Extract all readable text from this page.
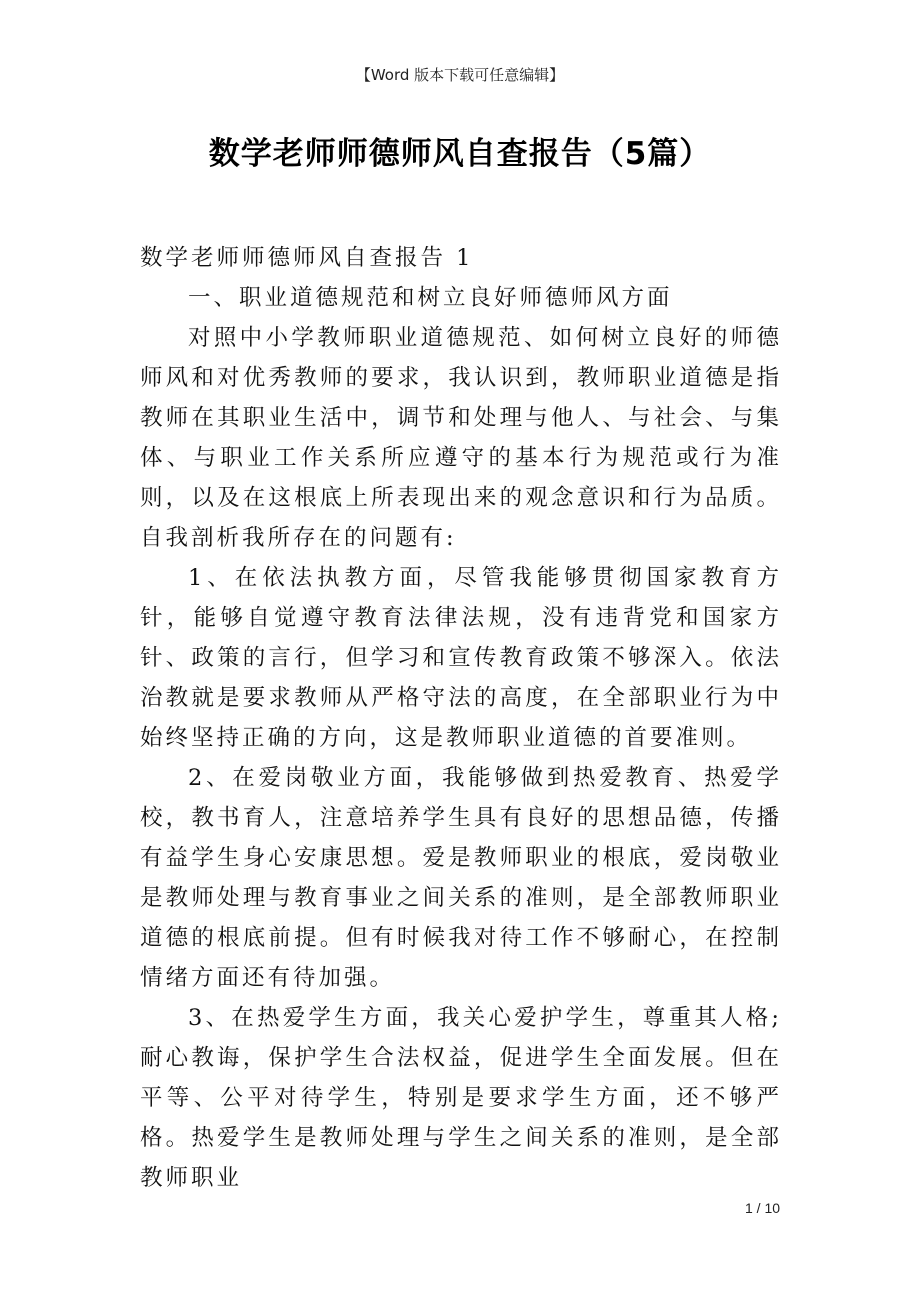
【Word 版本下载可任意编辑】
数学老师师德师风自查报告（5篇）

数学老师师德师风自查报告 1

一、职业道德规范和树立良好师德师风方面

对照中小学教师职业道德规范、如何树立良好的师德师风和对优秀教师的要求，我认识到，教师职业道德是指教师在其职业生活中，调节和处理与他人、与社会、与集体、与职业工作关系所应遵守的基本行为规范或行为准则，以及在这根底上所表现出来的观念意识和行为品质。自我剖析我所存在的问题有:

1、在依法执教方面，尽管我能够贯彻国家教育方针，能够自觉遵守教育法律法规，没有违背党和国家方针、政策的言行，但学习和宣传教育政策不够深入。依法治教就是要求教师从严格守法的高度，在全部职业行为中始终坚持正确的方向，这是教师职业道德的首要准则。

2、在爱岗敬业方面，我能够做到热爱教育、热爱学校，教书育人，注意培养学生具有良好的思想品德，传播有益学生身心安康思想。爱是教师职业的根底，爱岗敬业是教师处理与教育事业之间关系的准则，是全部教师职业道德的根底前提。但有时候我对待工作不够耐心，在控制情绪方面还有待加强。

3、在热爱学生方面，我关心爱护学生，尊重其人格;耐心教诲，保护学生合法权益，促进学生全面发展。但在平等、公平对待学生，特别是要求学生方面，还不够严格。热爱学生是教师处理与学生之间关系的准则，是全部教师职业

1 / 10
